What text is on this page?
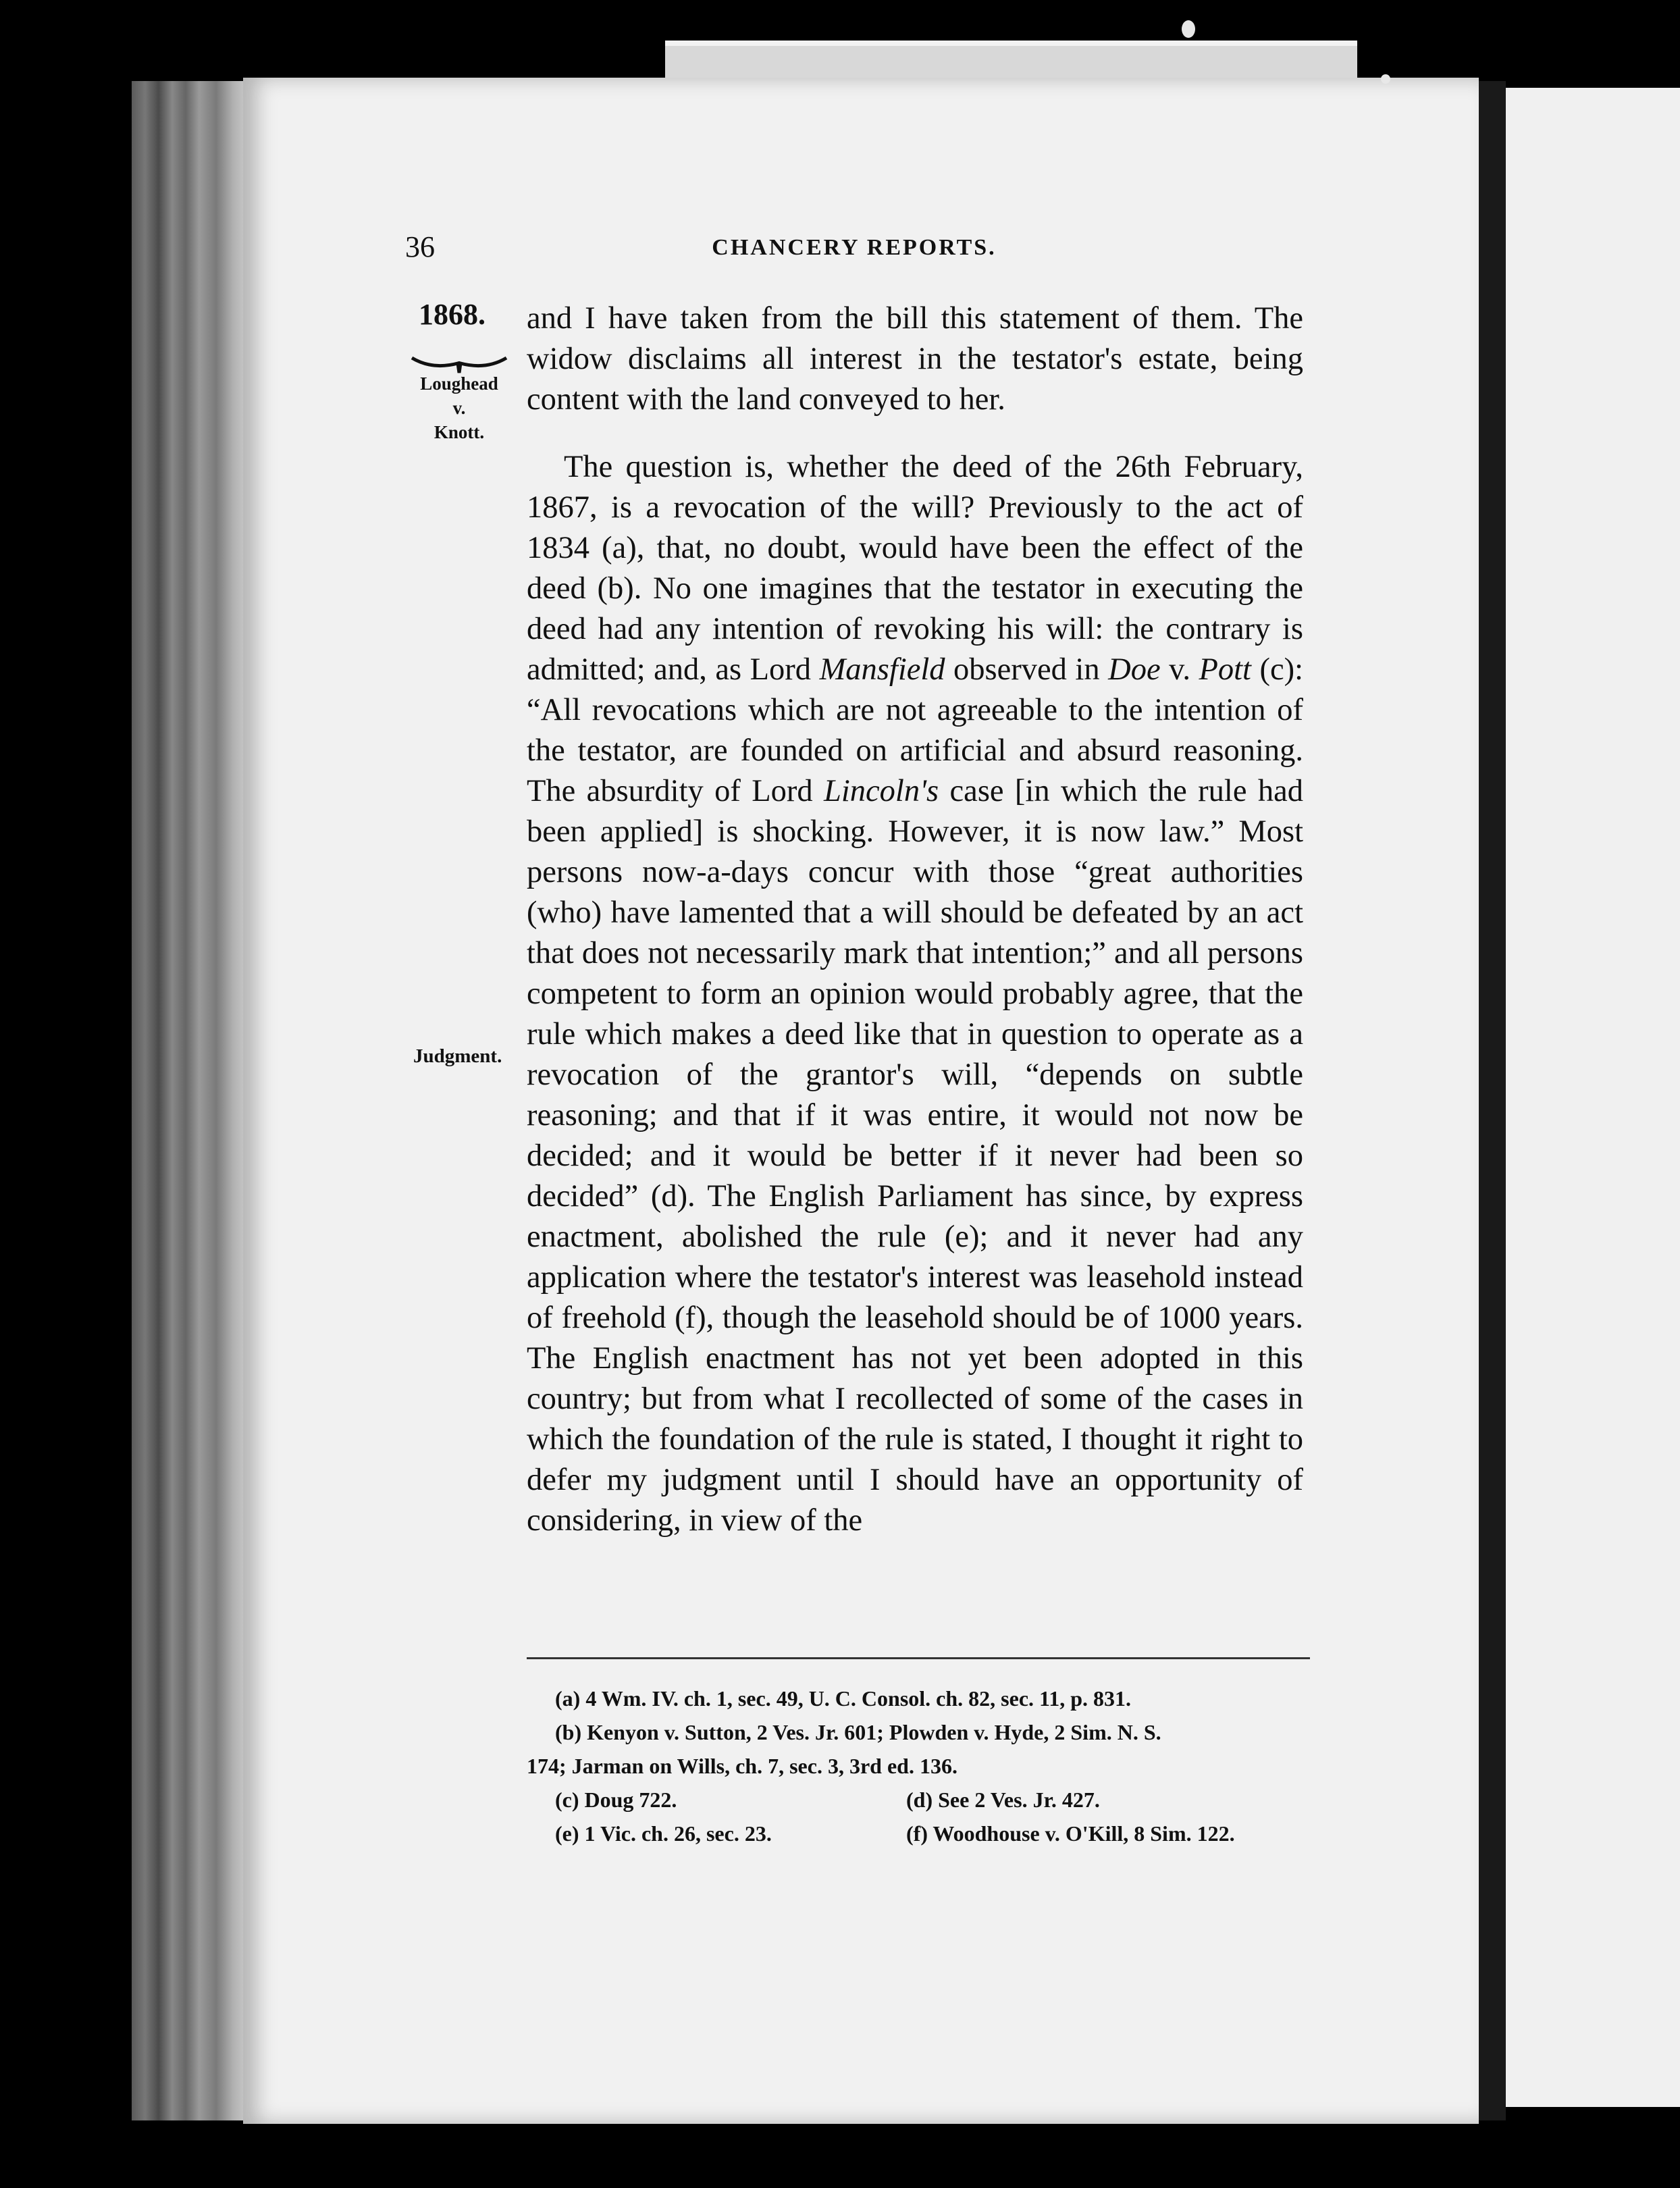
36	CHANCERY REPORTS.
1868.
Loughead
v.
Knott.
Judgment.
and I have taken from the bill this statement of them. The widow disclaims all interest in the testator's estate, being content with the land conveyed to her.
The question is, whether the deed of the 26th February, 1867, is a revocation of the will? Previously to the act of 1834 (a), that, no doubt, would have been the effect of the deed (b). No one imagines that the testator in executing the deed had any intention of revoking his will: the contrary is admitted; and, as Lord Mansfield observed in Doe v. Pott (c): “All revocations which are not agreeable to the intention of the testator, are founded on artificial and absurd reasoning. The absurdity of Lord Lincoln's case [in which the rule had been applied] is shocking. However, it is now law.” Most persons now-a-days concur with those “great authorities (who) have lamented that a will should be defeated by an act that does not necessarily mark that intention;” and all persons competent to form an opinion would probably agree, that the rule which makes a deed like that in question to operate as a revocation of the grantor's will, “depends on subtle reasoning; and that if it was entire, it would not now be decided; and it would be better if it never had been so decided” (d). The English Parliament has since, by express enactment, abolished the rule (e); and it never had any application where the testator's interest was leasehold instead of freehold (f), though the leasehold should be of 1000 years. The English enactment has not yet been adopted in this country; but from what I recollected of some of the cases in which the foundation of the rule is stated, I thought it right to defer my judgment until I should have an opportunity of considering, in view of the
(a) 4 Wm. IV. ch. 1, sec. 49, U. C. Consol. ch. 82, sec. 11, p. 831.
(b) Kenyon v. Sutton, 2 Ves. Jr. 601; Plowden v. Hyde, 2 Sim. N. S.
174; Jarman on Wills, ch. 7, sec. 3, 3rd ed. 136.
(c) Doug 722.	(d) See 2 Ves. Jr. 427.
(e) 1 Vic. ch. 26, sec. 23.	(f) Woodhouse v. O'Kill, 8 Sim. 122.
